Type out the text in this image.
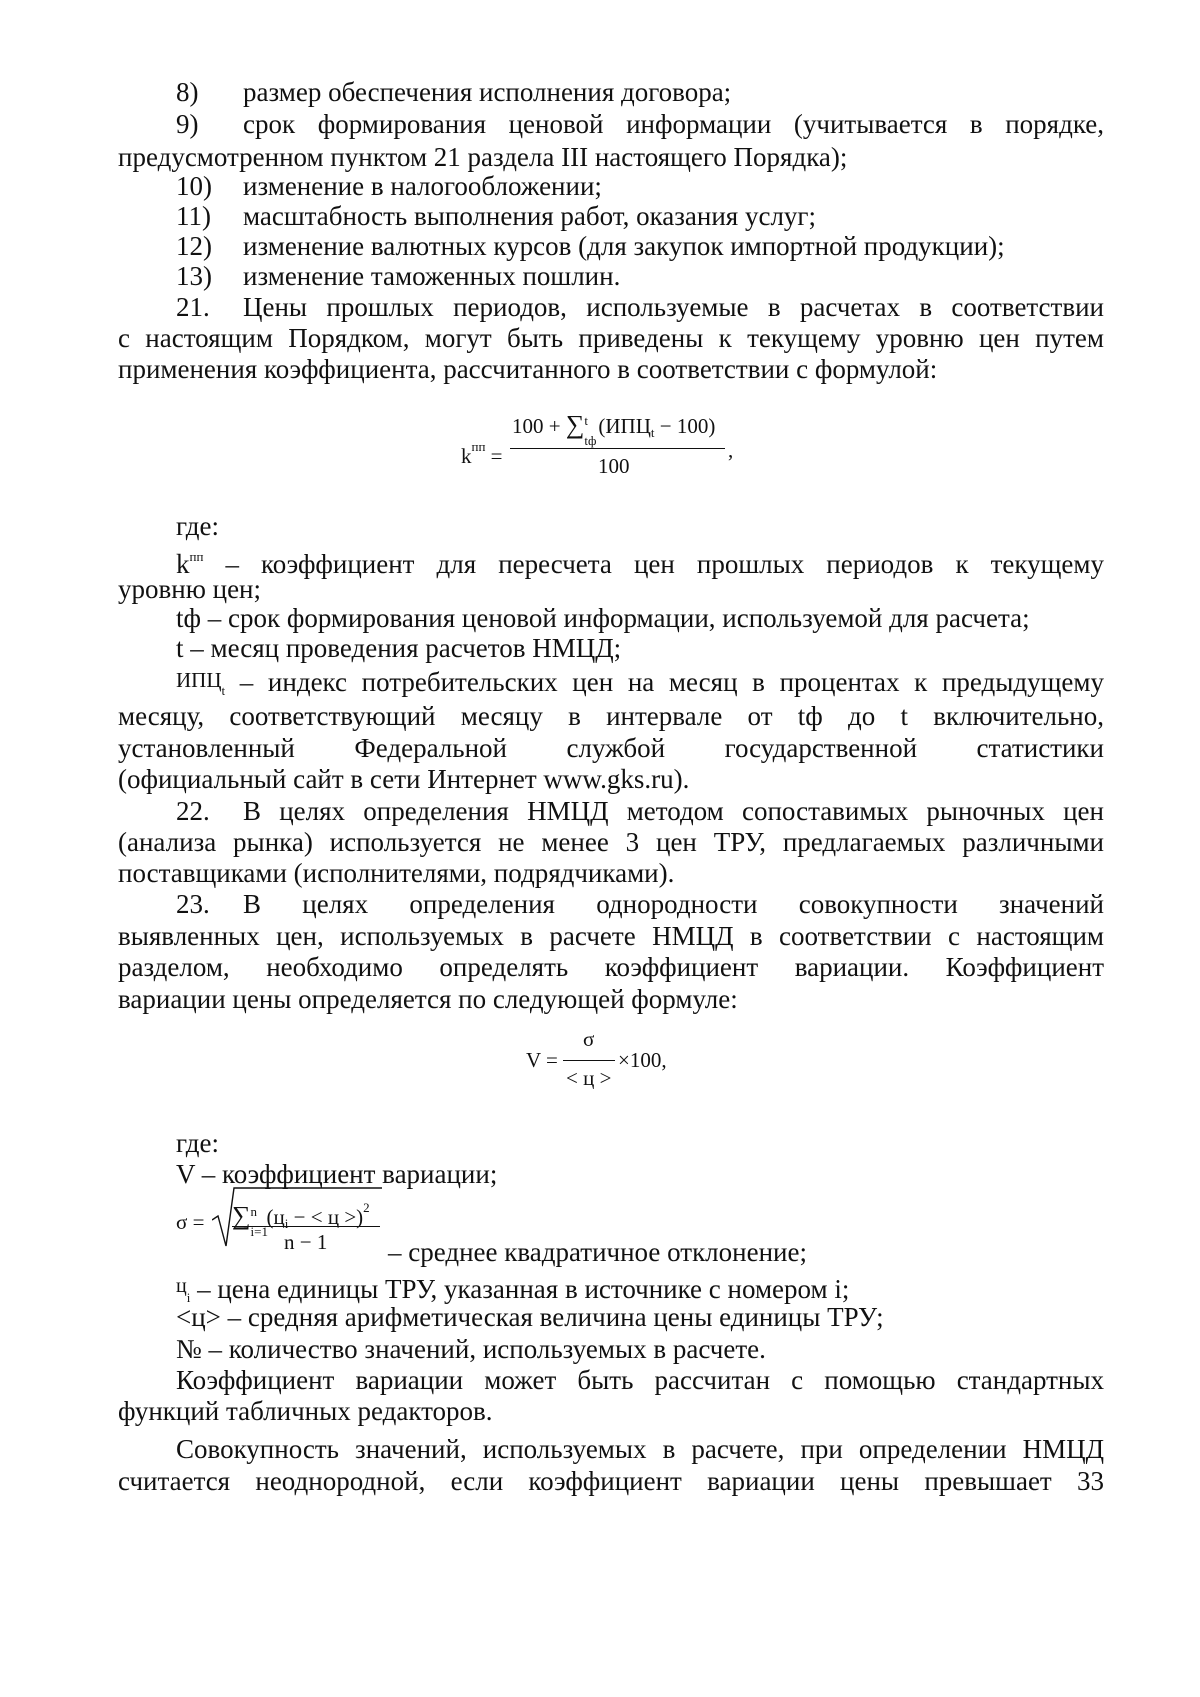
8) размер обеспечения исполнения договора;
9) срок формирования ценовой информации (учитывается в порядке,
предусмотренном пунктом 21 раздела III настоящего Порядка);
10) изменение в налогообложении;
11) масштабность выполнения работ, оказания услуг;
12) изменение валютных курсов (для закупок импортной продукции);
13) изменение таможенных пошлин.
21. Цены прошлых периодов, используемые в расчетах в соответствии
с настоящим Порядком, могут быть приведены к текущему уровню цен путем
применения коэффициента, рассчитанного в соответствии с формулой:
$k^{пп}$ =
100 + ∑ t
tф
$(ИПЦ_t - 100)$
100
,
где:
$k^{пп}$ – коэффициент для пересчета цен прошлых периодов к текущему
уровню цен;
tф – срок формирования ценовой информации, используемой для расчета;
t – месяц проведения расчетов НМЦД;
$ИПЦ_t$ – индекс потребительских цен на месяц в процентах к предыдущему
месяцу, соответствующий месяцу в интервале от tф до t включительно,
установленный Федеральной службой государственной статистики
(официальный сайт в сети Интернет www.gks.ru).
22. В целях определения НМЦД методом сопоставимых рыночных цен
(анализа рынка) используется не менее 3 цен ТРУ, предлагаемых различными
поставщиками (исполнителями, подрядчиками).
23. В целях определения однородности совокупности значений
выявленных цен, используемых в расчете НМЦД в соответствии с настоящим
разделом, необходимо определять коэффициент вариации. Коэффициент
вариации цены определяется по следующей формуле:
V =
σ
< ц >
×100,
где:
V – коэффициент вариации;
σ = ∑ n
i=1
($ц_i$ − < ц >)$^2$
n − 1 – среднее квадратичное отклонение;
$^ц_i$ – цена единицы ТРУ, указанная в источнике с номером i;
<ц> – средняя арифметическая величина цены единицы ТРУ;
№ – количество значений, используемых в расчете.
Коэффициент вариации может быть рассчитан с помощью стандартных
функций табличных редакторов.
Совокупность значений, используемых в расчете, при определении НМЦД
считается неоднородной, если коэффициент вариации цены превышает 33
